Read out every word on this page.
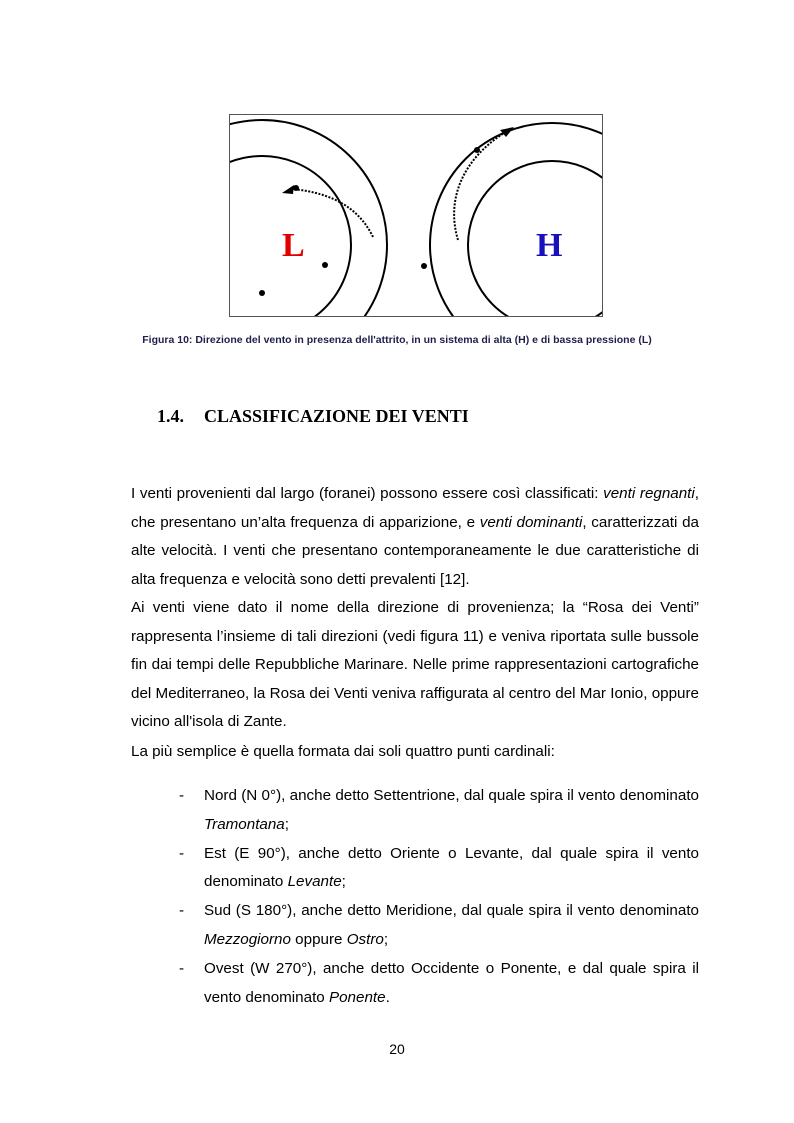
L	H
Figura 10: Direzione del vento in presenza dell'attrito, in un sistema di alta (H) e di bassa pressione (L)
1.4. CLASSIFICAZIONE DEI VENTI

I venti provenienti dal largo (foranei) possono essere così classificati: venti regnanti, che presentano un’alta frequenza di apparizione, e venti dominanti, caratterizzati da alte velocità. I venti che presentano contemporaneamente le due caratteristiche di alta frequenza e velocità sono detti prevalenti [12].

Ai venti viene dato il nome della direzione di provenienza; la “Rosa dei Venti” rappresenta l’insieme di tali direzioni (vedi figura 11) e veniva riportata sulle bussole fin dai tempi delle Repubbliche Marinare. Nelle prime rappresentazioni cartografiche del Mediterraneo, la Rosa dei Venti veniva raffigurata al centro del Mar Ionio, oppure vicino all'isola di Zante.

La più semplice è quella formata dai soli quattro punti cardinali:

- Nord (N 0°), anche detto Settentrione, dal quale spira il vento denominato Tramontana;
- Est (E 90°), anche detto Oriente o Levante, dal quale spira il vento denominato Levante;
- Sud (S 180°), anche detto Meridione, dal quale spira il vento denominato Mezzogiorno oppure Ostro;
- Ovest (W 270°), anche detto Occidente o Ponente, e dal quale spira il vento denominato Ponente.
20
